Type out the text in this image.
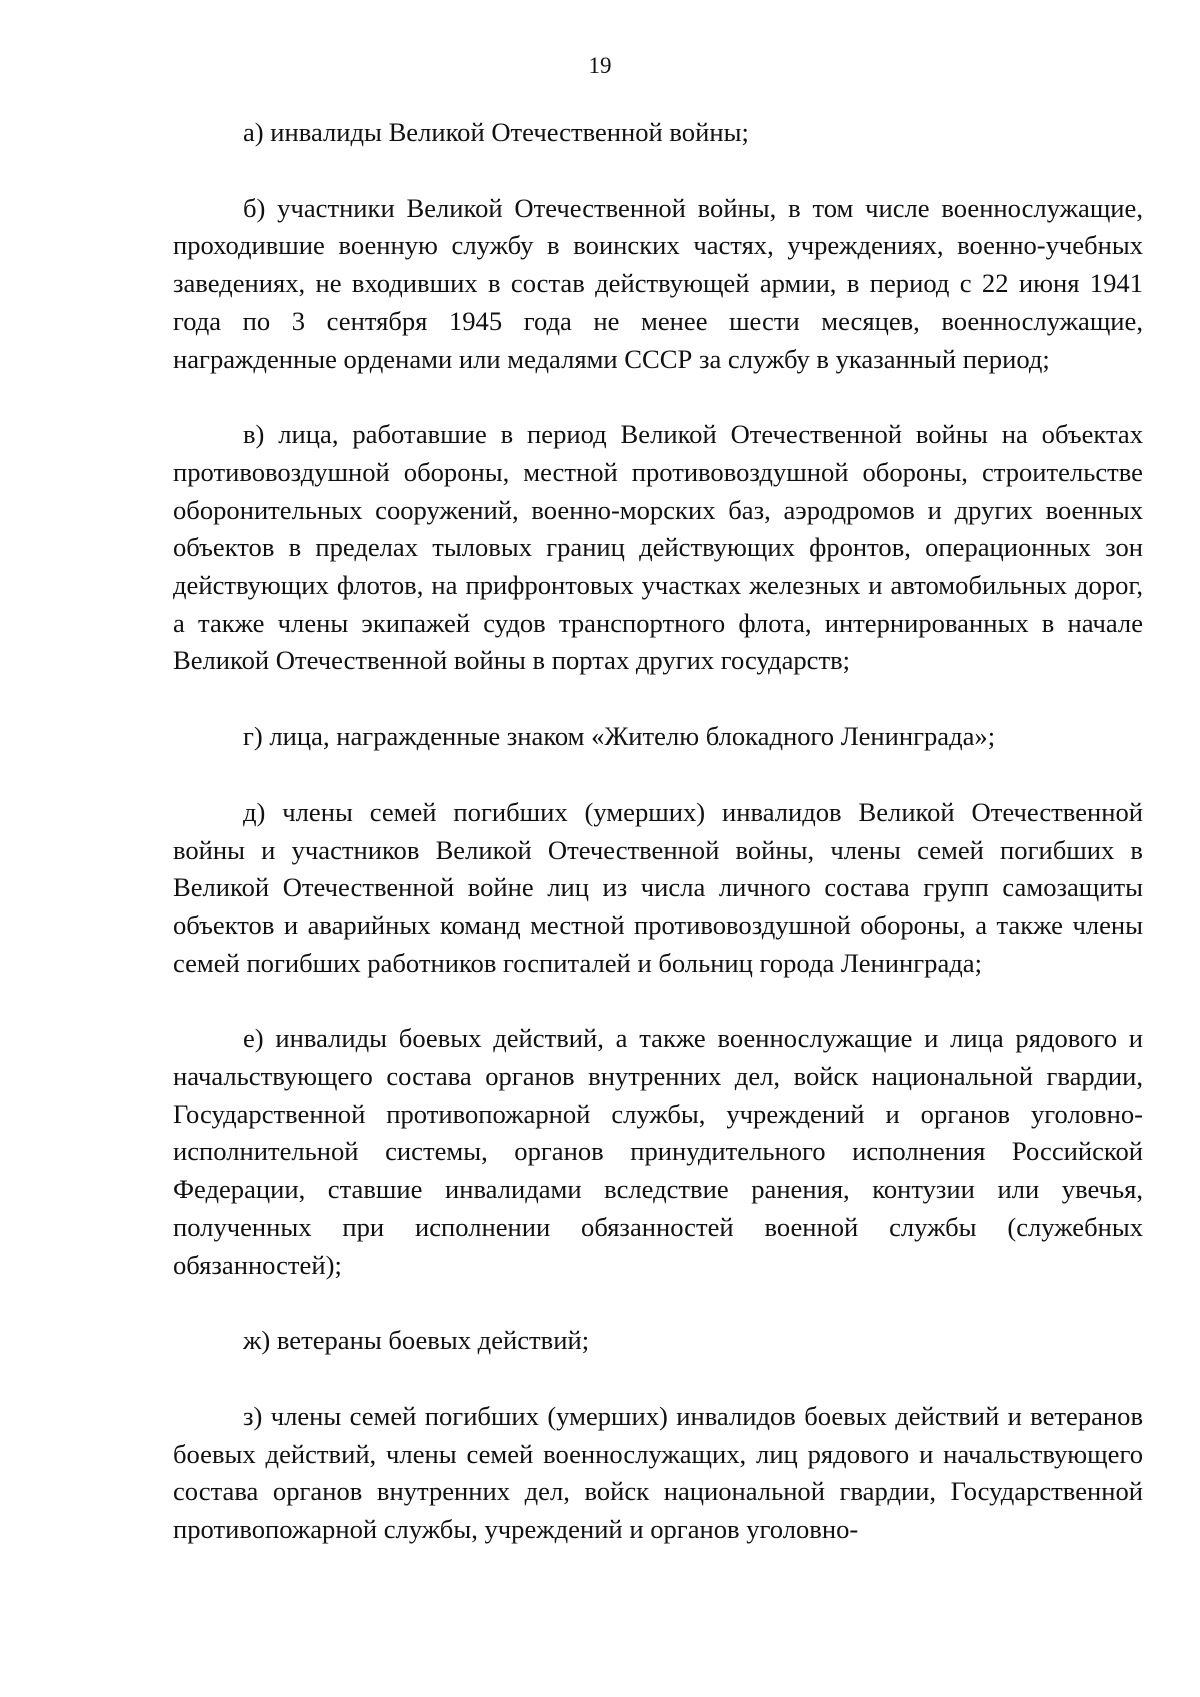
19

а) инвалиды Великой Отечественной войны;

б) участники Великой Отечественной войны, в том числе военнослужащие, проходившие военную службу в воинских частях, учреждениях, военно-учебных заведениях, не входивших в состав действующей армии, в период с 22 июня 1941 года по 3 сентября 1945 года не менее шести месяцев, военнослужащие, награжденные орденами или медалями СССР за службу в указанный период;

в) лица, работавшие в период Великой Отечественной войны на объектах противовоздушной обороны, местной противовоздушной обороны, строительстве оборонительных сооружений, военно-морских баз, аэродромов и других военных объектов в пределах тыловых границ действующих фронтов, операционных зон действующих флотов, на прифронтовых участках железных и автомобильных дорог, а также члены экипажей судов транспортного флота, интернированных в начале Великой Отечественной войны в портах других государств;

г) лица, награжденные знаком «Жителю блокадного Ленинграда»;

д) члены семей погибших (умерших) инвалидов Великой Отечественной войны и участников Великой Отечественной войны, члены семей погибших в Великой Отечественной войне лиц из числа личного состава групп самозащиты объектов и аварийных команд местной противовоздушной обороны, а также члены семей погибших работников госпиталей и больниц города Ленинграда;

е) инвалиды боевых действий, а также военнослужащие и лица рядового и начальствующего состава органов внутренних дел, войск национальной гвардии, Государственной противопожарной службы, учреждений и органов уголовно-исполнительной системы, органов принудительного исполнения Российской Федерации, ставшие инвалидами вследствие ранения, контузии или увечья, полученных при исполнении обязанностей военной службы (служебных обязанностей);

ж) ветераны боевых действий;

з) члены семей погибших (умерших) инвалидов боевых действий и ветеранов боевых действий, члены семей военнослужащих, лиц рядового и начальствующего состава органов внутренних дел, войск национальной гвардии, Государственной противопожарной службы, учреждений и органов уголовно-
